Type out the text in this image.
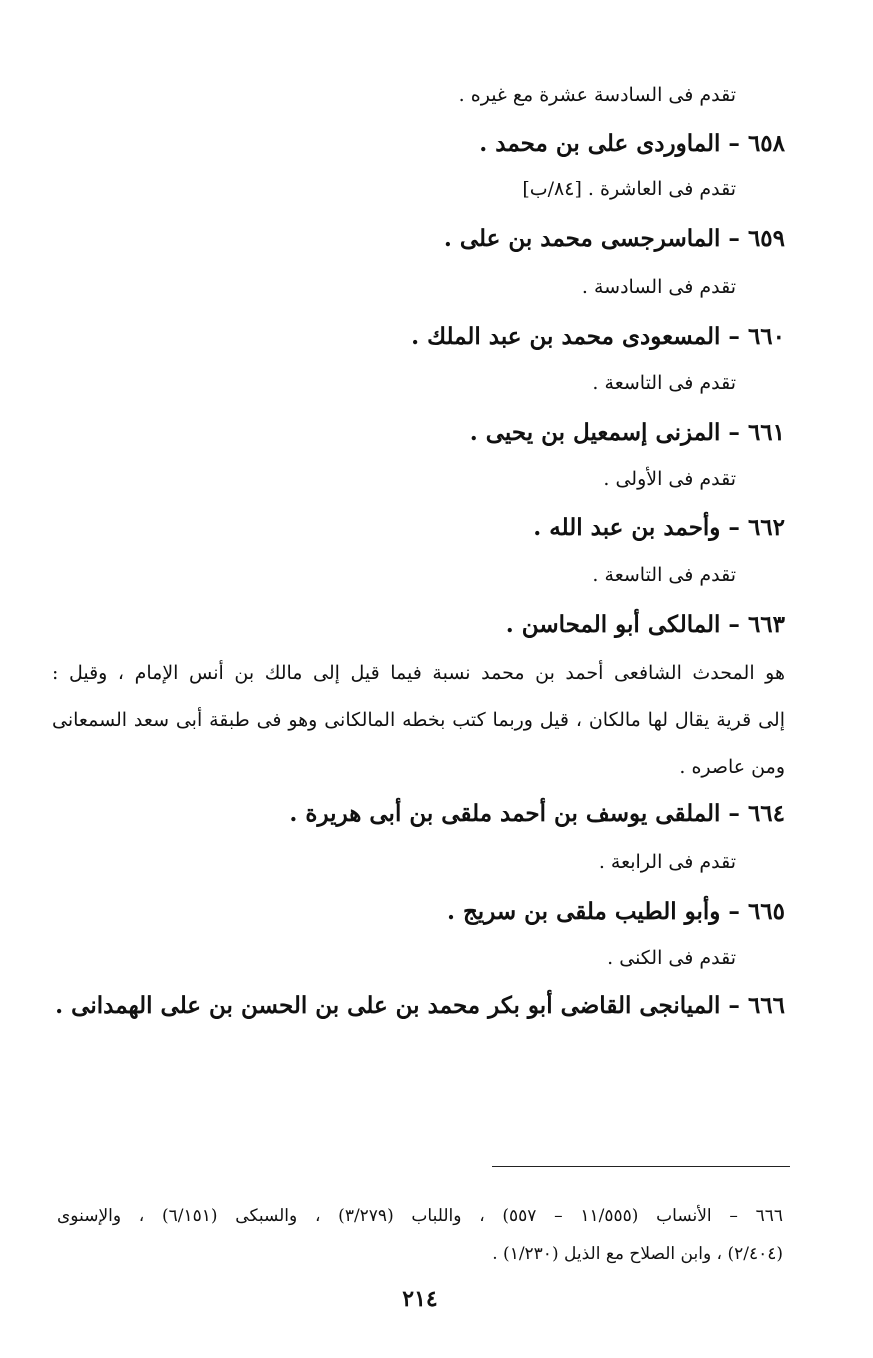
تقدم فى السادسة عشرة مع غيره .
٦٥٨ – الماوردى على بن محمد .
تقدم فى العاشرة . [٨٤/ب]
٦٥٩ – الماسرجسى محمد بن على .
تقدم فى السادسة .
٦٦٠ – المسعودى محمد بن عبد الملك .
تقدم فى التاسعة .
٦٦١ – المزنى إسمعيل بن يحيى .
تقدم فى الأولى .
٦٦٢ – وأحمد بن عبد الله .
تقدم فى التاسعة .
٦٦٣ – المالكى أبو المحاسن .
هو المحدث الشافعى أحمد بن محمد نسبة فيما قيل إلى مالك بن أنس الإمام ، وقيل :
إلى قرية يقال لها مالكان ، قيل وربما كتب بخطه المالكانى وهو فى طبقة أبى سعد السمعانى
ومن عاصره .
٦٦٤ – الملقى يوسف بن أحمد ملقى بن أبى هريرة .
تقدم فى الرابعة .
٦٦٥ – وأبو الطيب ملقى بن سريج .
تقدم فى الكنى .
٦٦٦ – الميانجى القاضى أبو بكر محمد بن على بن الحسن بن على الهمدانى .
٦٦٦ – الأنساب (١١/٥٥٥ – ٥٥٧) ، واللباب (٣/٢٧٩) ، والسبكى (٦/١٥١) ، والإسنوى
(٢/٤٠٤) ، وابن الصلاح مع الذيل (١/٢٣٠) .
٢١٤
